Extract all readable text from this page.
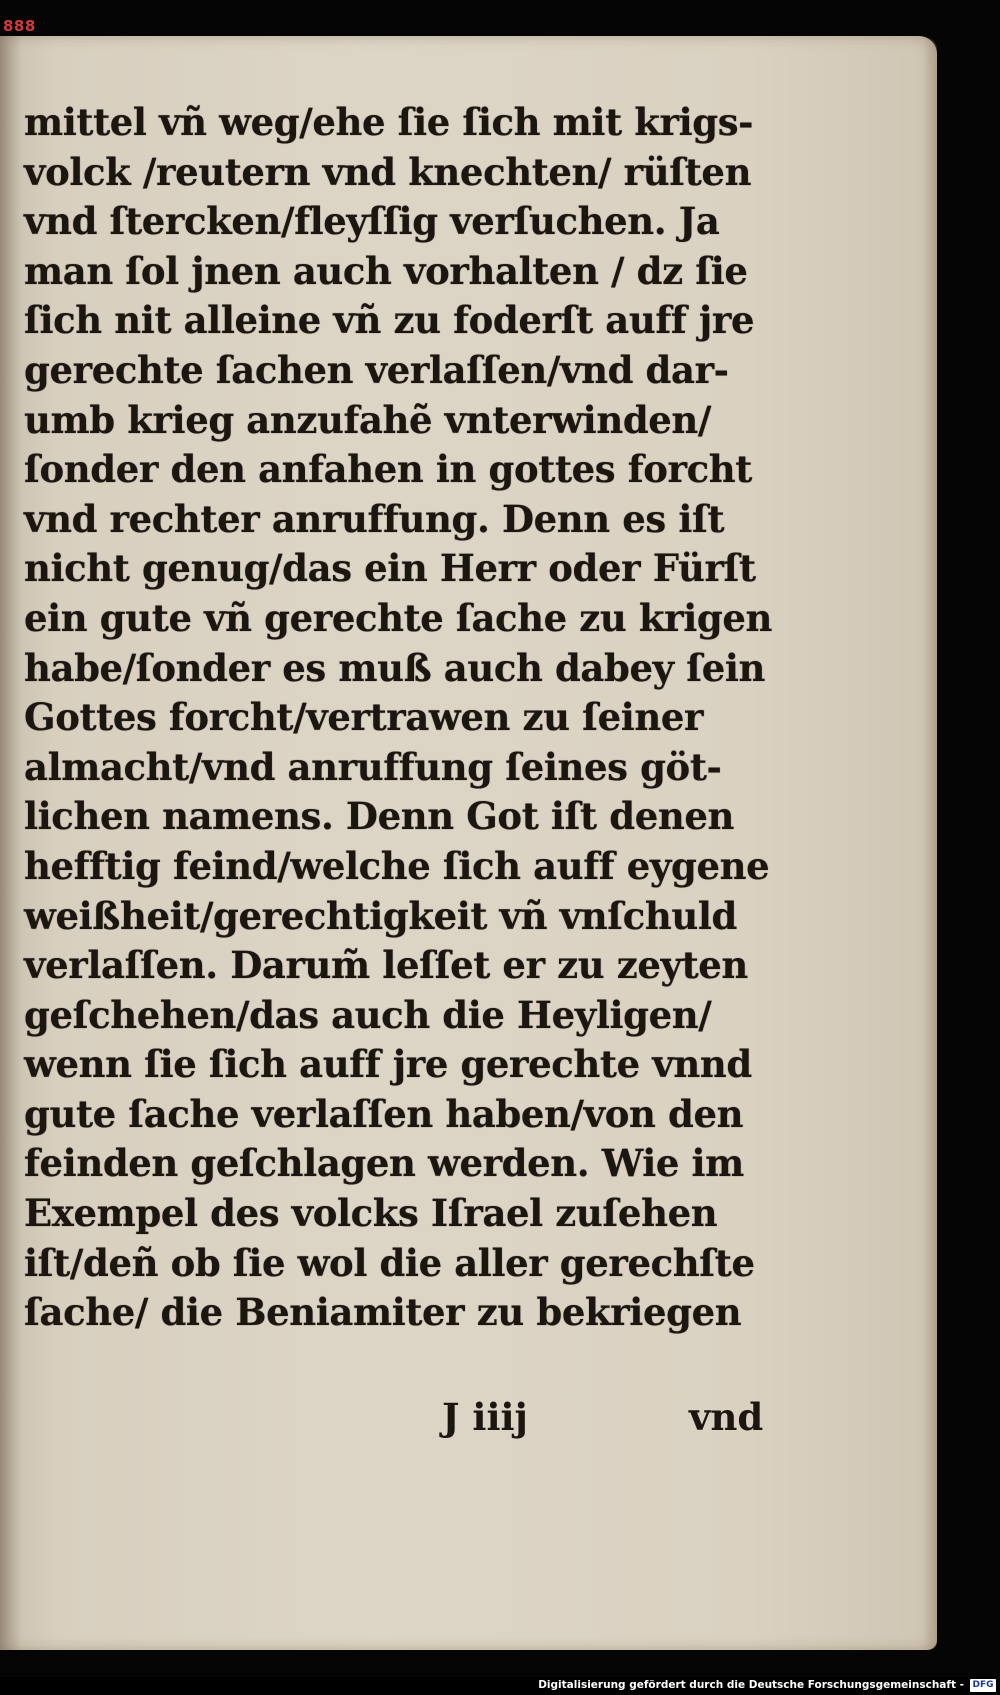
888
mittel vñ weg/ehe ſie ſich mit krigs-
volck /reutern vnd knechten/ rüſten
vnd ſtercken/fleyſſig verſuchen. Ja
man ſol jnen auch vorhalten / dz ſie
ſich nit alleine vñ zu foderſt auff jre
gerechte ſachen verlaſſen/vnd dar-
umb krieg anzufahẽ vnterwinden/
ſonder den anfahen in gottes forcht
vnd rechter anruffung. Denn es iſt
nicht genug/das ein Herr oder Fürſt
ein gute vñ gerechte ſache zu krigen
habe/ſonder es muß auch dabey ſein
Gottes forcht/vertrawen zu ſeiner
almacht/vnd anruffung ſeines göt-
lichen namens. Denn Got iſt denen
hefftig feind/welche ſich auff eygene
weißheit/gerechtigkeit vñ vnſchuld
verlaſſen. Darum̃ leſſet er zu zeyten
geſchehen/das auch die Heyligen/
wenn ſie ſich auff jre gerechte vnnd
gute ſache verlaſſen haben/von den
feinden geſchlagen werden. Wie im
Exempel des volcks Iſrael zuſehen
iſt/deñ ob ſie wol die aller gerechſte
ſache/ die Beniamiter zu bekriegen
J iiij	vnd
Digitalisierung gefördert durch die Deutsche Forschungsgemeinschaft - DFG
